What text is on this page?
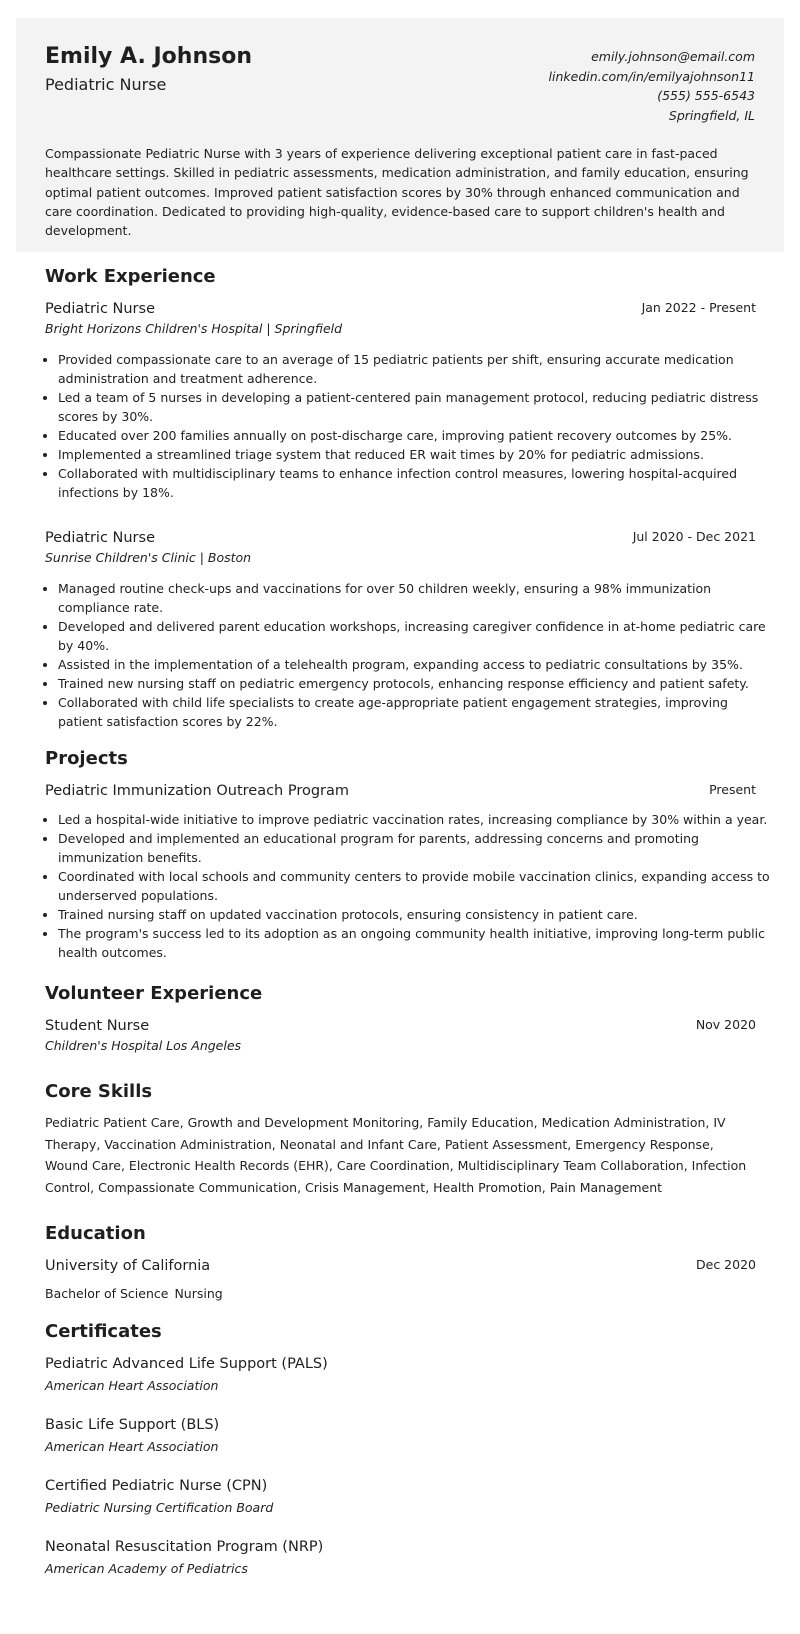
Emily A. Johnson
Pediatric Nurse
emily.johnson@email.com
linkedin.com/in/emilyajohnson11
(555) 555-6543
Springfield, IL
Compassionate Pediatric Nurse with 3 years of experience delivering exceptional patient care in fast-paced healthcare settings. Skilled in pediatric assessments, medication administration, and family education, ensuring optimal patient outcomes. Improved patient satisfaction scores by 30% through enhanced communication and care coordination. Dedicated to providing high-quality, evidence-based care to support children's health and development.
Work Experience
Pediatric Nurse	Jan 2022 - Present
Bright Horizons Children's Hospital | Springfield
• Provided compassionate care to an average of 15 pediatric patients per shift, ensuring accurate medication administration and treatment adherence.
• Led a team of 5 nurses in developing a patient-centered pain management protocol, reducing pediatric distress scores by 30%.
• Educated over 200 families annually on post-discharge care, improving patient recovery outcomes by 25%.
• Implemented a streamlined triage system that reduced ER wait times by 20% for pediatric admissions.
• Collaborated with multidisciplinary teams to enhance infection control measures, lowering hospital-acquired infections by 18%.
Pediatric Nurse	Jul 2020 - Dec 2021
Sunrise Children's Clinic | Boston
• Managed routine check-ups and vaccinations for over 50 children weekly, ensuring a 98% immunization compliance rate.
• Developed and delivered parent education workshops, increasing caregiver confidence in at-home pediatric care by 40%.
• Assisted in the implementation of a telehealth program, expanding access to pediatric consultations by 35%.
• Trained new nursing staff on pediatric emergency protocols, enhancing response efficiency and patient safety.
• Collaborated with child life specialists to create age-appropriate patient engagement strategies, improving patient satisfaction scores by 22%.
Projects
Pediatric Immunization Outreach Program	Present
• Led a hospital-wide initiative to improve pediatric vaccination rates, increasing compliance by 30% within a year.
• Developed and implemented an educational program for parents, addressing concerns and promoting immunization benefits.
• Coordinated with local schools and community centers to provide mobile vaccination clinics, expanding access to underserved populations.
• Trained nursing staff on updated vaccination protocols, ensuring consistency in patient care.
• The program's success led to its adoption as an ongoing community health initiative, improving long-term public health outcomes.
Volunteer Experience
Student Nurse	Nov 2020
Children's Hospital Los Angeles
Core Skills
Pediatric Patient Care, Growth and Development Monitoring, Family Education, Medication Administration, IV Therapy, Vaccination Administration, Neonatal and Infant Care, Patient Assessment, Emergency Response, Wound Care, Electronic Health Records (EHR), Care Coordination, Multidisciplinary Team Collaboration, Infection Control, Compassionate Communication, Crisis Management, Health Promotion, Pain Management
Education
University of California	Dec 2020
Bachelor of Science Nursing
Certificates
Pediatric Advanced Life Support (PALS)
American Heart Association
Basic Life Support (BLS)
American Heart Association
Certified Pediatric Nurse (CPN)
Pediatric Nursing Certification Board
Neonatal Resuscitation Program (NRP)
American Academy of Pediatrics
